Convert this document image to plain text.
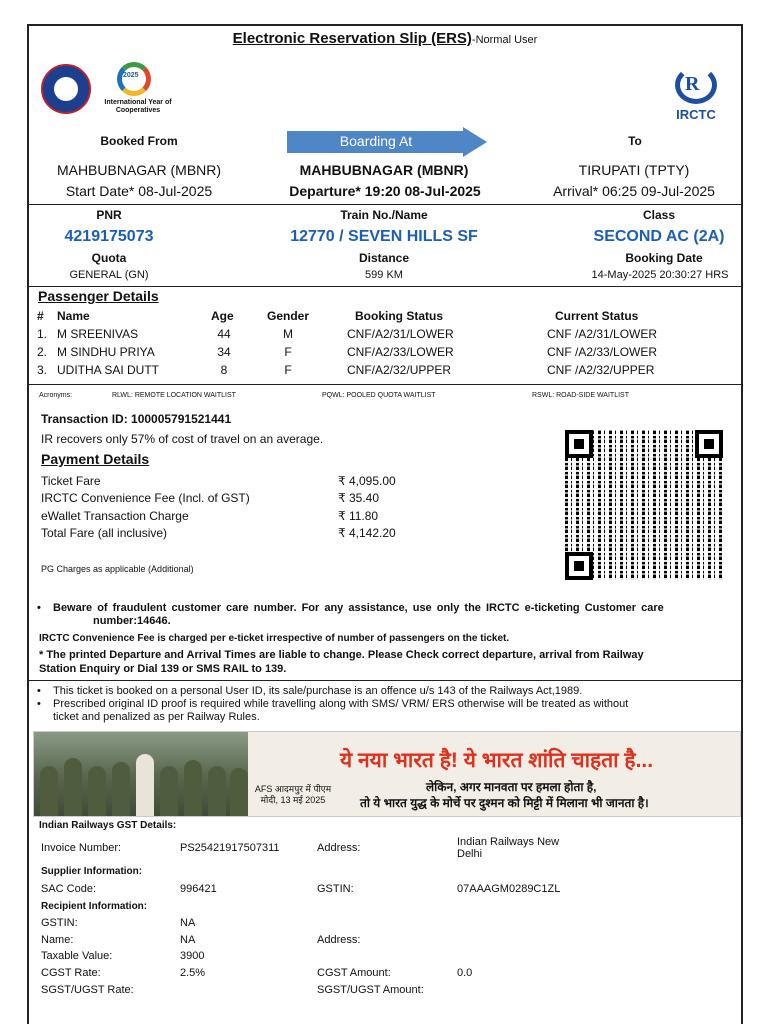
Electronic Reservation Slip (ERS)-Normal User
2025
International Year of Cooperatives
R
IRCTC
Booked From	Boarding At	To
MAHBUBNAGAR (MBNR)	MAHBUBNAGAR (MBNR)	TIRUPATI (TPTY)
Start Date* 08-Jul-2025	Departure* 19:20 08-Jul-2025	Arrival* 06:25 09-Jul-2025
PNR	Train No./Name	Class
4219175073	12770 / SEVEN HILLS SF	SECOND AC (2A)
Quota	Distance	Booking Date
GENERAL (GN)	599 KM	14-May-2025 20:30:27 HRS
Passenger Details
# Name	Age	Gender	Booking Status	Current Status
1. M SREENIVAS	44	M	CNF/A2/31/LOWER	CNF /A2/31/LOWER
2. M SINDHU PRIYA	34	F	CNF/A2/33/LOWER	CNF /A2/33/LOWER
3. UDITHA SAI DUTT	8	F	CNF/A2/32/UPPER	CNF /A2/32/UPPER
Acronyms:	RLWL: REMOTE LOCATION WAITLIST	PQWL: POOLED QUOTA WAITLIST	RSWL: ROAD-SIDE WAITLIST
Transaction ID: 100005791521441
IR recovers only 57% of cost of travel on an average.
Payment Details
Ticket Fare	₹ 4,095.00
IRCTC Convenience Fee (Incl. of GST)	₹ 35.40
eWallet Transaction Charge	₹ 11.80
Total Fare (all inclusive)	₹ 4,142.20
PG Charges as applicable (Additional)
• Beware of fraudulent customer care number. For any assistance, use only the IRCTC e-ticketing Customer care
number:14646.
IRCTC Convenience Fee is charged per e-ticket irrespective of number of passengers on the ticket.
* The printed Departure and Arrival Times are liable to change. Please Check correct departure, arrival from Railway
Station Enquiry or Dial 139 or SMS RAIL to 139.
• This ticket is booked on a personal User ID, its sale/purchase is an offence u/s 143 of the Railways Act,1989.
• Prescribed original ID proof is required while travelling along with SMS/ VRM/ ERS otherwise will be treated as without
ticket and penalized as per Railway Rules.
AFS आदमपुर में पीएम मोदी, 13 मई 2025
ये नया भारत है! ये भारत शांति चाहता है...
लेकिन, अगर मानवता पर हमला होता है,
तो ये भारत युद्ध के मोर्चे पर दुश्मन को मिट्टी में मिलाना भी जानता है।
Indian Railways GST Details:
Invoice Number:	PS25421917507311	Address:	Indian Railways New Delhi
Supplier Information:
SAC Code:	996421	GSTIN:	07AAAGM0289C1ZL
Recipient Information:
GSTIN:	NA
Name:	NA	Address:
Taxable Value:	3900
CGST Rate:	2.5%	CGST Amount:	0.0
SGST/UGST Rate:	SGST/UGST Amount:
